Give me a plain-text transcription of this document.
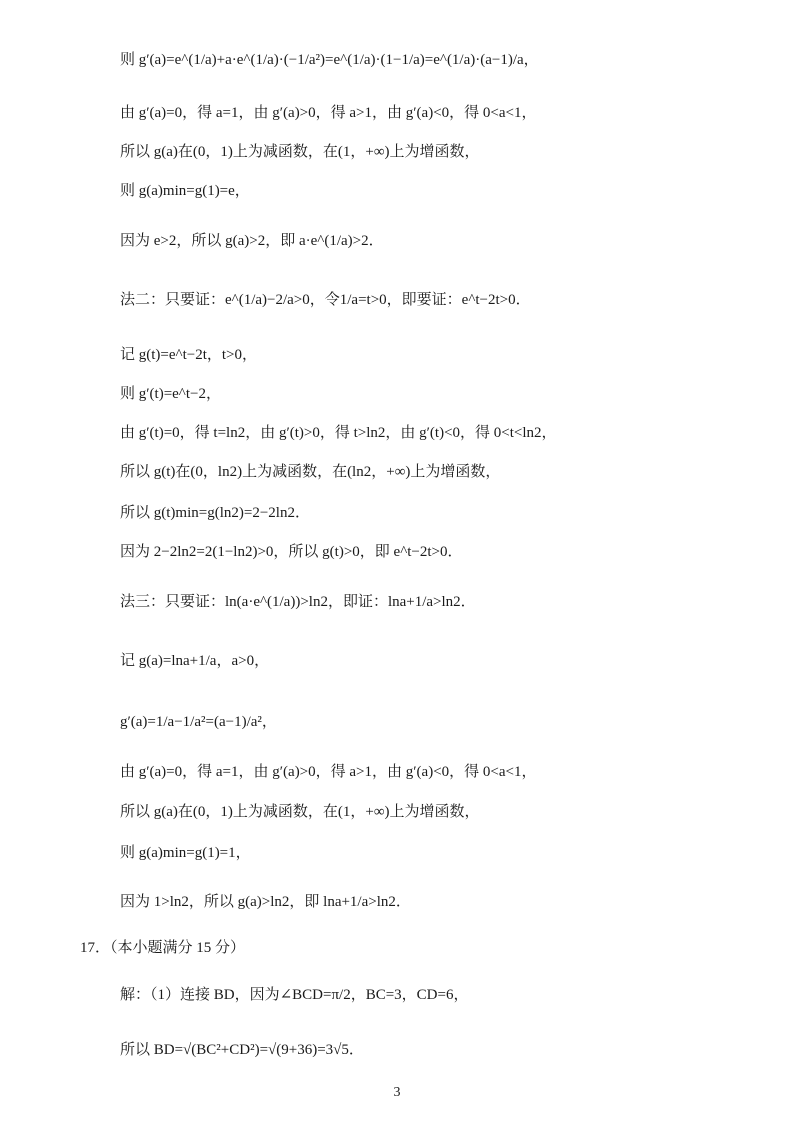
则 g′(a)=e^(1/a)+a·e^(1/a)·(−1/a²)=e^(1/a)·(1−1/a)=e^(1/a)·(a−1)/a，
由 g′(a)=0，得 a=1，由 g′(a)>0，得 a>1，由 g′(a)<0，得 0<a<1，
所以 g(a)在(0，1)上为减函数，在(1，+∞)上为增函数，
则 g(a)min=g(1)=e，
因为 e>2，所以 g(a)>2，即 a·e^(1/a)>2．
法二：只要证：e^(1/a)−2/a>0，令1/a=t>0，即要证：e^t−2t>0．
记 g(t)=e^t−2t，t>0，
则 g′(t)=e^t−2，
由 g′(t)=0，得 t=ln2，由 g′(t)>0，得 t>ln2，由 g′(t)<0，得 0<t<ln2，
所以 g(t)在(0，ln2)上为减函数，在(ln2，+∞)上为增函数，
所以 g(t)min=g(ln2)=2−2ln2．
因为 2−2ln2=2(1−ln2)>0，所以 g(t)>0，即 e^t−2t>0．
法三：只要证：ln(a·e^(1/a))>ln2，即证：lna+1/a>ln2．
记 g(a)=lna+1/a，a>0，
g′(a)=1/a−1/a²=(a−1)/a²，
由 g′(a)=0，得 a=1，由 g′(a)>0，得 a>1，由 g′(a)<0，得 0<a<1，
所以 g(a)在(0，1)上为减函数，在(1，+∞)上为增函数，
则 g(a)min=g(1)=1，
因为 1>ln2，所以 g(a)>ln2，即 lna+1/a>ln2．
17．（本小题满分 15 分）
解：（1）连接 BD，因为∠BCD=π/2，BC=3，CD=6，
所以 BD=√(BC²+CD²)=√(9+36)=3√5．
3
